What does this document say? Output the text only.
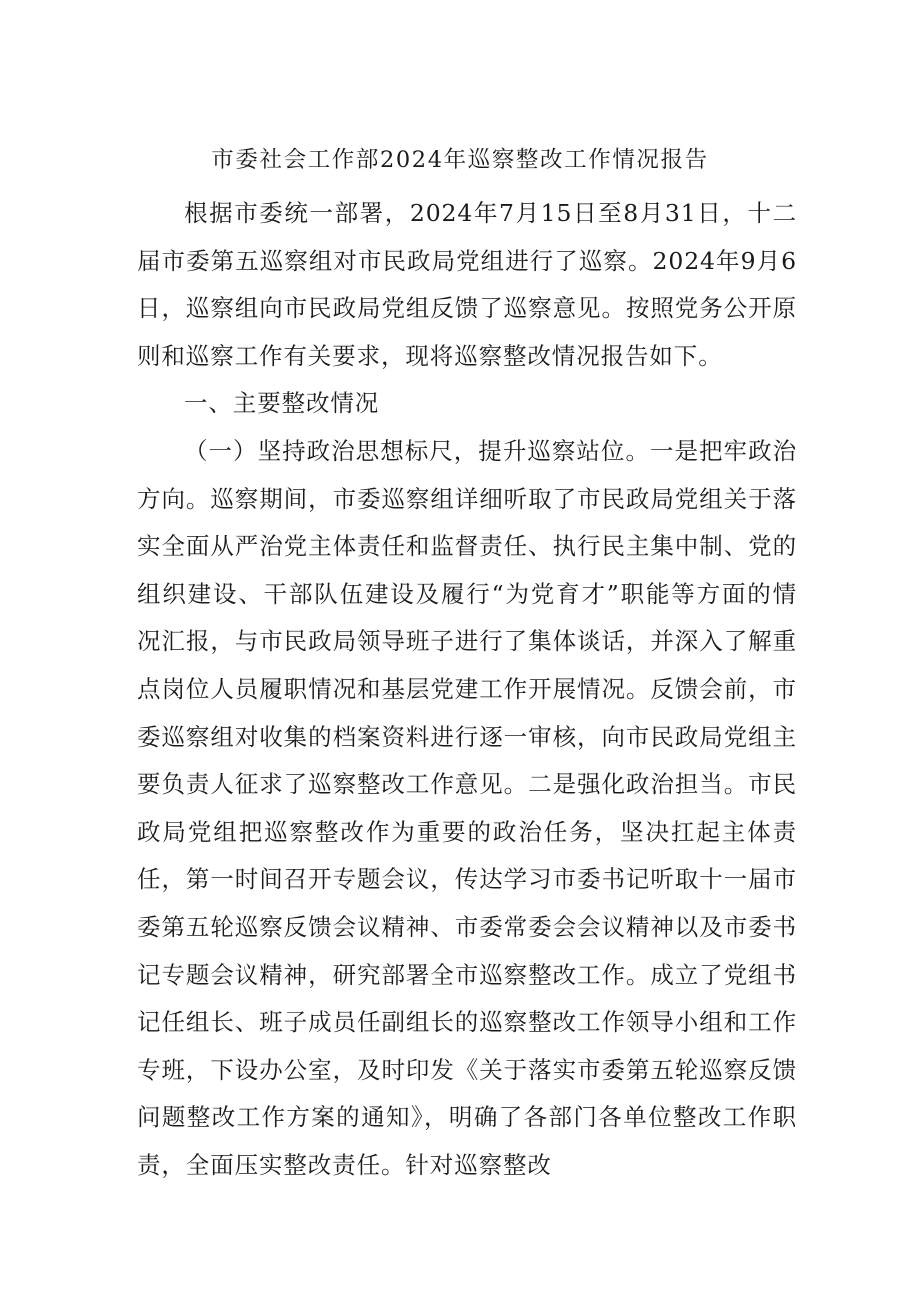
市委社会工作部2024年巡察整改工作情况报告

根据市委统一部署，2024年7月15日至8月31日，十二届市委第五巡察组对市民政局党组进行了巡察。2024年9月6日，巡察组向市民政局党组反馈了巡察意见。按照党务公开原则和巡察工作有关要求，现将巡察整改情况报告如下。

一、主要整改情况

（一）坚持政治思想标尺，提升巡察站位。一是把牢政治方向。巡察期间，市委巡察组详细听取了市民政局党组关于落实全面从严治党主体责任和监督责任、执行民主集中制、党的组织建设、干部队伍建设及履行“为党育才”职能等方面的情况汇报，与市民政局领导班子进行了集体谈话，并深入了解重点岗位人员履职情况和基层党建工作开展情况。反馈会前，市委巡察组对收集的档案资料进行逐一审核，向市民政局党组主要负责人征求了巡察整改工作意见。二是强化政治担当。市民政局党组把巡察整改作为重要的政治任务，坚决扛起主体责任，第一时间召开专题会议，传达学习市委书记听取十一届市委第五轮巡察反馈会议精神、市委常委会会议精神以及市委书记专题会议精神，研究部署全市巡察整改工作。成立了党组书记任组长、班子成员任副组长的巡察整改工作领导小组和工作专班，下设办公室，及时印发《关于落实市委第五轮巡察反馈问题整改工作方案的通知》，明确了各部门各单位整改工作职责，全面压实整改责任。针对巡察整改
